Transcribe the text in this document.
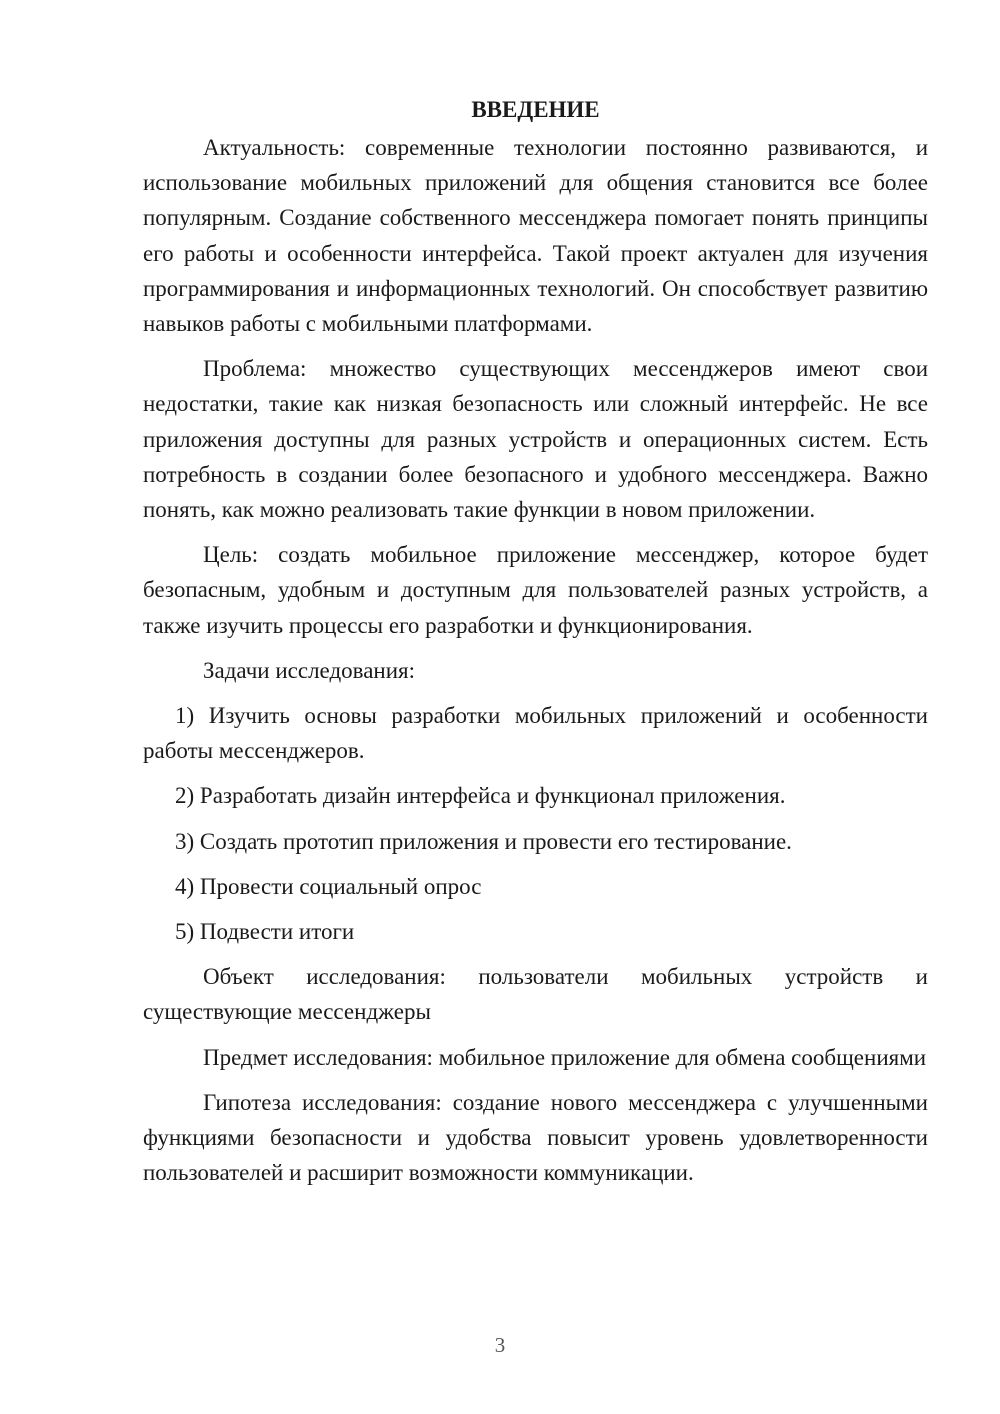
ВВЕДЕНИЕ

Актуальность: современные технологии постоянно развиваются, и использование мобильных приложений для общения становится все более популярным. Создание собственного мессенджера помогает понять принципы его работы и особенности интерфейса. Такой проект актуален для изучения программирования и информационных технологий. Он способствует развитию навыков работы с мобильными платформами.

Проблема: множество существующих мессенджеров имеют свои недостатки, такие как низкая безопасность или сложный интерфейс. Не все приложения доступны для разных устройств и операционных систем. Есть потребность в создании более безопасного и удобного мессенджера. Важно понять, как можно реализовать такие функции в новом приложении.

Цель: создать мобильное приложение мессенджер, которое будет безопасным, удобным и доступным для пользователей разных устройств, а также изучить процессы его разработки и функционирования.

Задачи исследования:

1) Изучить основы разработки мобильных приложений и особенности работы мессенджеров.

2) Разработать дизайн интерфейса и функционал приложения.

3) Создать прототип приложения и провести его тестирование.

4) Провести социальный опрос

5) Подвести итоги

Объект исследования: пользователи мобильных устройств и существующие мессенджеры

Предмет исследования: мобильное приложение для обмена сообщениями

Гипотеза исследования: создание нового мессенджера с улучшенными функциями безопасности и удобства повысит уровень удовлетворенности пользователей и расширит возможности коммуникации.

3
